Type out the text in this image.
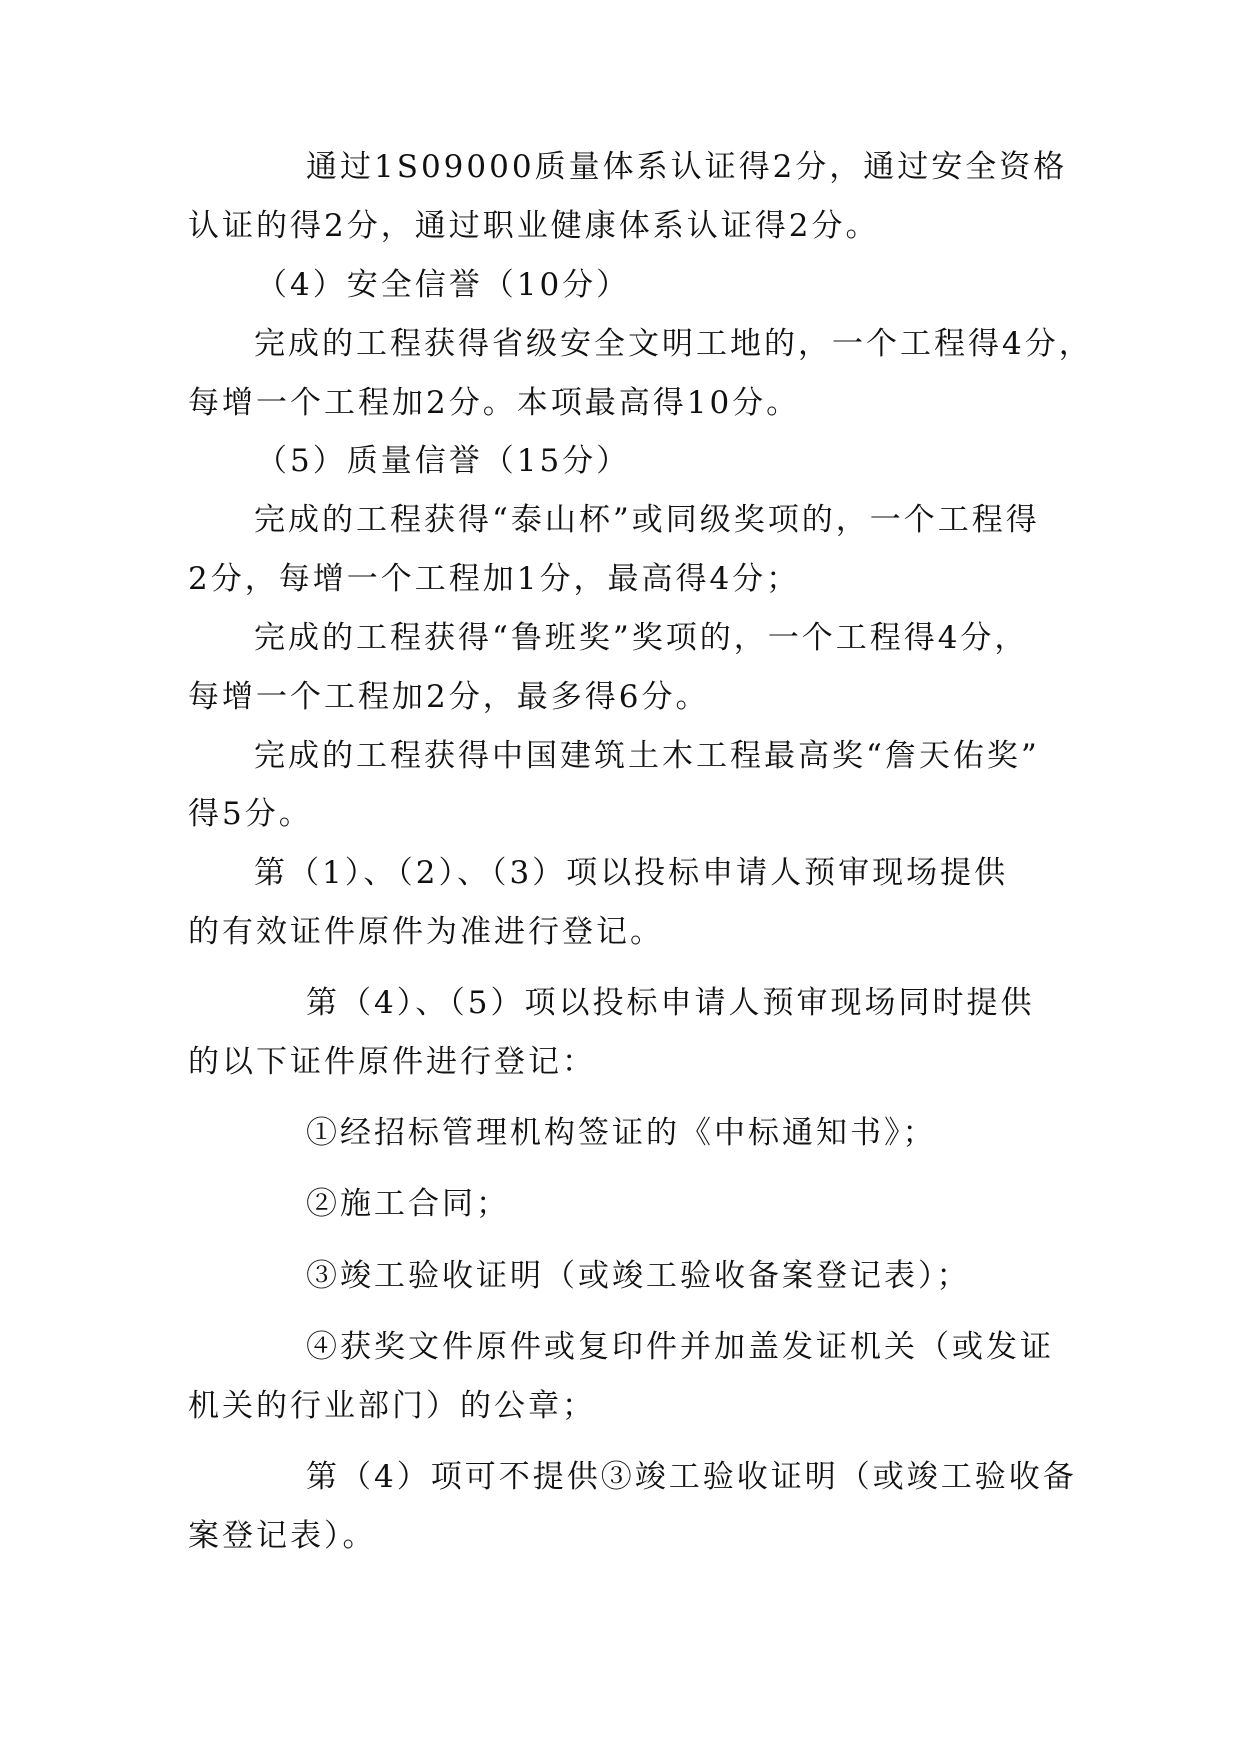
通过1S09000质量体系认证得2分，通过安全资格
认证的得2分，通过职业健康体系认证得2分。
（4）安全信誉（10分）
完成的工程获得省级安全文明工地的，一个工程得4分，
每增一个工程加2分。本项最高得10分。
（5）质量信誉（15分）
完成的工程获得“泰山杯”或同级奖项的，一个工程得
2分，每增一个工程加1分，最高得4分；
完成的工程获得“鲁班奖”奖项的，一个工程得4分，
每增一个工程加2分，最多得6分。
完成的工程获得中国建筑土木工程最高奖“詹天佑奖”
得5分。
第（1）、（2）、（3）项以投标申请人预审现场提供
的有效证件原件为准进行登记。
第（4）、（5）项以投标申请人预审现场同时提供
的以下证件原件进行登记：
①经招标管理机构签证的《中标通知书》；
②施工合同；
③竣工验收证明（或竣工验收备案登记表）；
④获奖文件原件或复印件并加盖发证机关（或发证
机关的行业部门）的公章；
第（4）项可不提供③竣工验收证明（或竣工验收备
案登记表）。
